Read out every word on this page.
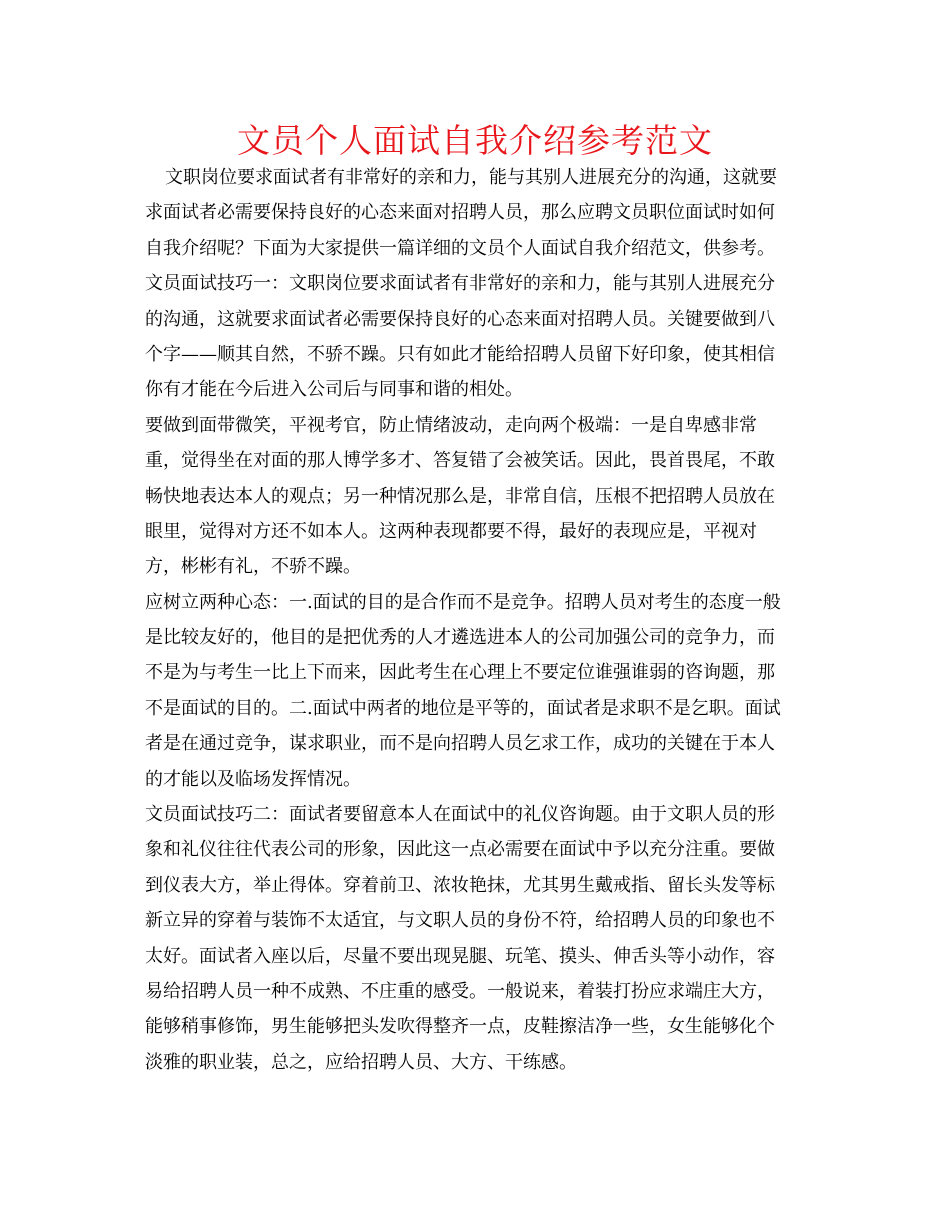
文员个人面试自我介绍参考范文

文职岗位要求面试者有非常好的亲和力，能与其别人进展充分的沟通，这就要
求面试者必需要保持良好的心态来面对招聘人员，那么应聘文员职位面试时如何
自我介绍呢？下面为大家提供一篇详细的文员个人面试自我介绍范文，供参考。

文员面试技巧一：文职岗位要求面试者有非常好的亲和力，能与其别人进展充分
的沟通，这就要求面试者必需要保持良好的心态来面对招聘人员。关键要做到八
个字——顺其自然，不骄不躁。只有如此才能给招聘人员留下好印象，使其相信
你有才能在今后进入公司后与同事和谐的相处。

要做到面带微笑，平视考官，防止情绪波动，走向两个极端：一是自卑感非常
重，觉得坐在对面的那人博学多才、答复错了会被笑话。因此，畏首畏尾，不敢
畅快地表达本人的观点；另一种情况那么是，非常自信，压根不把招聘人员放在
眼里，觉得对方还不如本人。这两种表现都要不得，最好的表现应是，平视对
方，彬彬有礼，不骄不躁。

应树立两种心态：一.面试的目的是合作而不是竞争。招聘人员对考生的态度一般
是比较友好的，他目的是把优秀的人才遴选进本人的公司加强公司的竞争力，而
不是为与考生一比上下而来，因此考生在心理上不要定位谁强谁弱的咨询题，那
不是面试的目的。二.面试中两者的地位是平等的，面试者是求职不是乞职。面试
者是在通过竞争，谋求职业，而不是向招聘人员乞求工作，成功的关键在于本人
的才能以及临场发挥情况。

文员面试技巧二：面试者要留意本人在面试中的礼仪咨询题。由于文职人员的形
象和礼仪往往代表公司的形象，因此这一点必需要在面试中予以充分注重。要做
到仪表大方，举止得体。穿着前卫、浓妆艳抹，尤其男生戴戒指、留长头发等标
新立异的穿着与装饰不太适宜，与文职人员的身份不符，给招聘人员的印象也不
太好。面试者入座以后，尽量不要出现晃腿、玩笔、摸头、伸舌头等小动作，容
易给招聘人员一种不成熟、不庄重的感受。一般说来，着装打扮应求端庄大方，
能够稍事修饰，男生能够把头发吹得整齐一点，皮鞋擦洁净一些，女生能够化个
淡雅的职业装，总之，应给招聘人员、大方、干练感。
